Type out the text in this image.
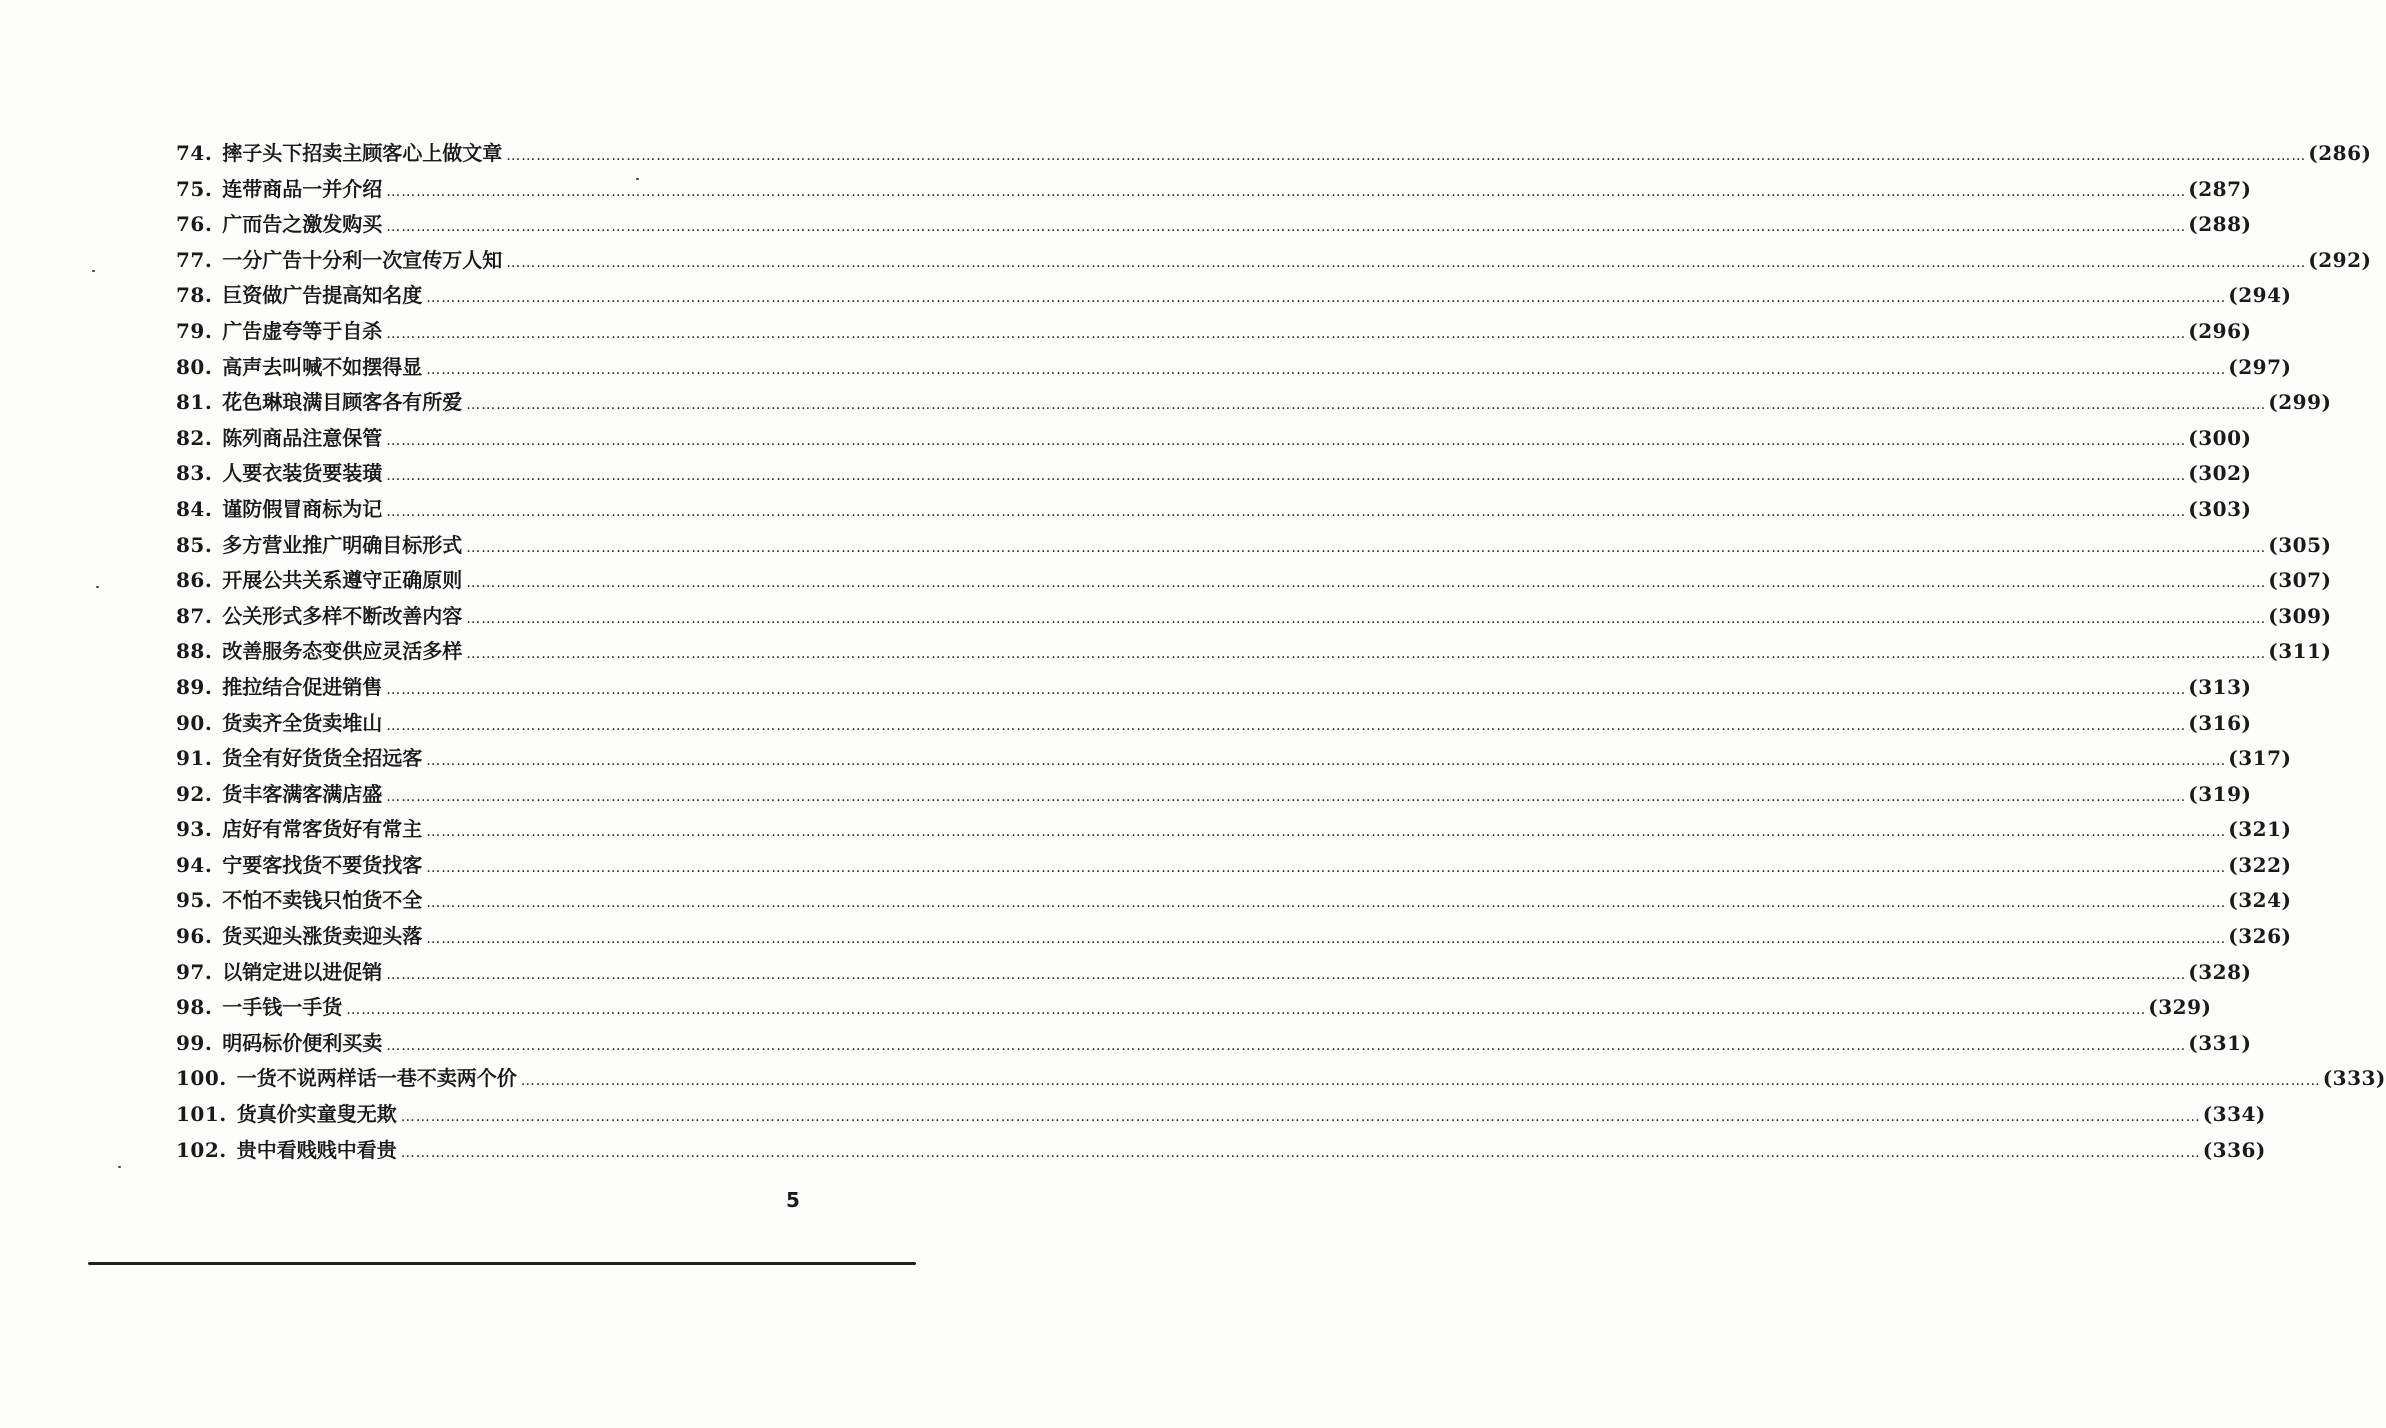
74. 摔子头下招卖主 顾客心上做文章 ……………………………………………………………………………………………………………………………………………………………………………………………………………………………………………………………………………………………………………………………… (286)
75. 连带商品 一并介绍 ……………………………………………………………………………………………………………………………………………………………………………………………………………………………………………………………………………………………………………………………… (287)
76. 广而告之 激发购买 ……………………………………………………………………………………………………………………………………………………………………………………………………………………………………………………………………………………………………………………………… (288)
77. 一分广告十分利 一次宣传万人知 ……………………………………………………………………………………………………………………………………………………………………………………………………………………………………………………………………………………………………………………………… (292)
78. 巨资做广告 提高知名度 ……………………………………………………………………………………………………………………………………………………………………………………………………………………………………………………………………………………………………………………………… (294)
79. 广告虚夸 等于自杀 ……………………………………………………………………………………………………………………………………………………………………………………………………………………………………………………………………………………………………………………………… (296)
80. 高声去叫喊 不如摆得显 ……………………………………………………………………………………………………………………………………………………………………………………………………………………………………………………………………………………………………………………………… (297)
81. 花色琳琅满目 顾客各有所爱 ……………………………………………………………………………………………………………………………………………………………………………………………………………………………………………………………………………………………………………………………… (299)
82. 陈列商品 注意保管 ……………………………………………………………………………………………………………………………………………………………………………………………………………………………………………………………………………………………………………………………… (300)
83. 人要衣装 货要装璜 ……………………………………………………………………………………………………………………………………………………………………………………………………………………………………………………………………………………………………………………………… (302)
84. 谨防假冒 商标为记 ……………………………………………………………………………………………………………………………………………………………………………………………………………………………………………………………………………………………………………………………… (303)
85. 多方营业推广 明确目标形式 ……………………………………………………………………………………………………………………………………………………………………………………………………………………………………………………………………………………………………………………………… (305)
86. 开展公共关系 遵守正确原则 ……………………………………………………………………………………………………………………………………………………………………………………………………………………………………………………………………………………………………………………………… (307)
87. 公关形式多样 不断改善内容 ……………………………………………………………………………………………………………………………………………………………………………………………………………………………………………………………………………………………………………………………… (309)
88. 改善服务态变 供应灵活多样 ……………………………………………………………………………………………………………………………………………………………………………………………………………………………………………………………………………………………………………………………… (311)
89. 推拉结合 促进销售 ……………………………………………………………………………………………………………………………………………………………………………………………………………………………………………………………………………………………………………………………… (313)
90. 货卖齐全 货卖堆山 ……………………………………………………………………………………………………………………………………………………………………………………………………………………………………………………………………………………………………………………………… (316)
91. 货全有好货 货全招远客 ……………………………………………………………………………………………………………………………………………………………………………………………………………………………………………………………………………………………………………………………… (317)
92. 货丰客满 客满店盛 ……………………………………………………………………………………………………………………………………………………………………………………………………………………………………………………………………………………………………………………………… (319)
93. 店好有常客 货好有常主 ……………………………………………………………………………………………………………………………………………………………………………………………………………………………………………………………………………………………………………………………… (321)
94. 宁要客找货 不要货找客 ……………………………………………………………………………………………………………………………………………………………………………………………………………………………………………………………………………………………………………………………… (322)
95. 不怕不卖钱 只怕货不全 ……………………………………………………………………………………………………………………………………………………………………………………………………………………………………………………………………………………………………………………………… (324)
96. 货买迎头涨 货卖迎头落 ……………………………………………………………………………………………………………………………………………………………………………………………………………………………………………………………………………………………………………………………… (326)
97. 以销定进 以进促销 ……………………………………………………………………………………………………………………………………………………………………………………………………………………………………………………………………………………………………………………………… (328)
98. 一手钱 一手货 ……………………………………………………………………………………………………………………………………………………………………………………………………………………………………………………………………………………………………………………………… (329)
99. 明码标价 便利买卖 ……………………………………………………………………………………………………………………………………………………………………………………………………………………………………………………………………………………………………………………………… (331)
100. 一货不说两样话 一巷不卖两个价 ……………………………………………………………………………………………………………………………………………………………………………………………………………………………………………………………………………………………………………………………… (333)
101. 货真价实 童叟无欺 ……………………………………………………………………………………………………………………………………………………………………………………………………………………………………………………………………………………………………………………………… (334)
102. 贵中看贱 贱中看贵 ……………………………………………………………………………………………………………………………………………………………………………………………………………………………………………………………………………………………………………………………… (336)
5
